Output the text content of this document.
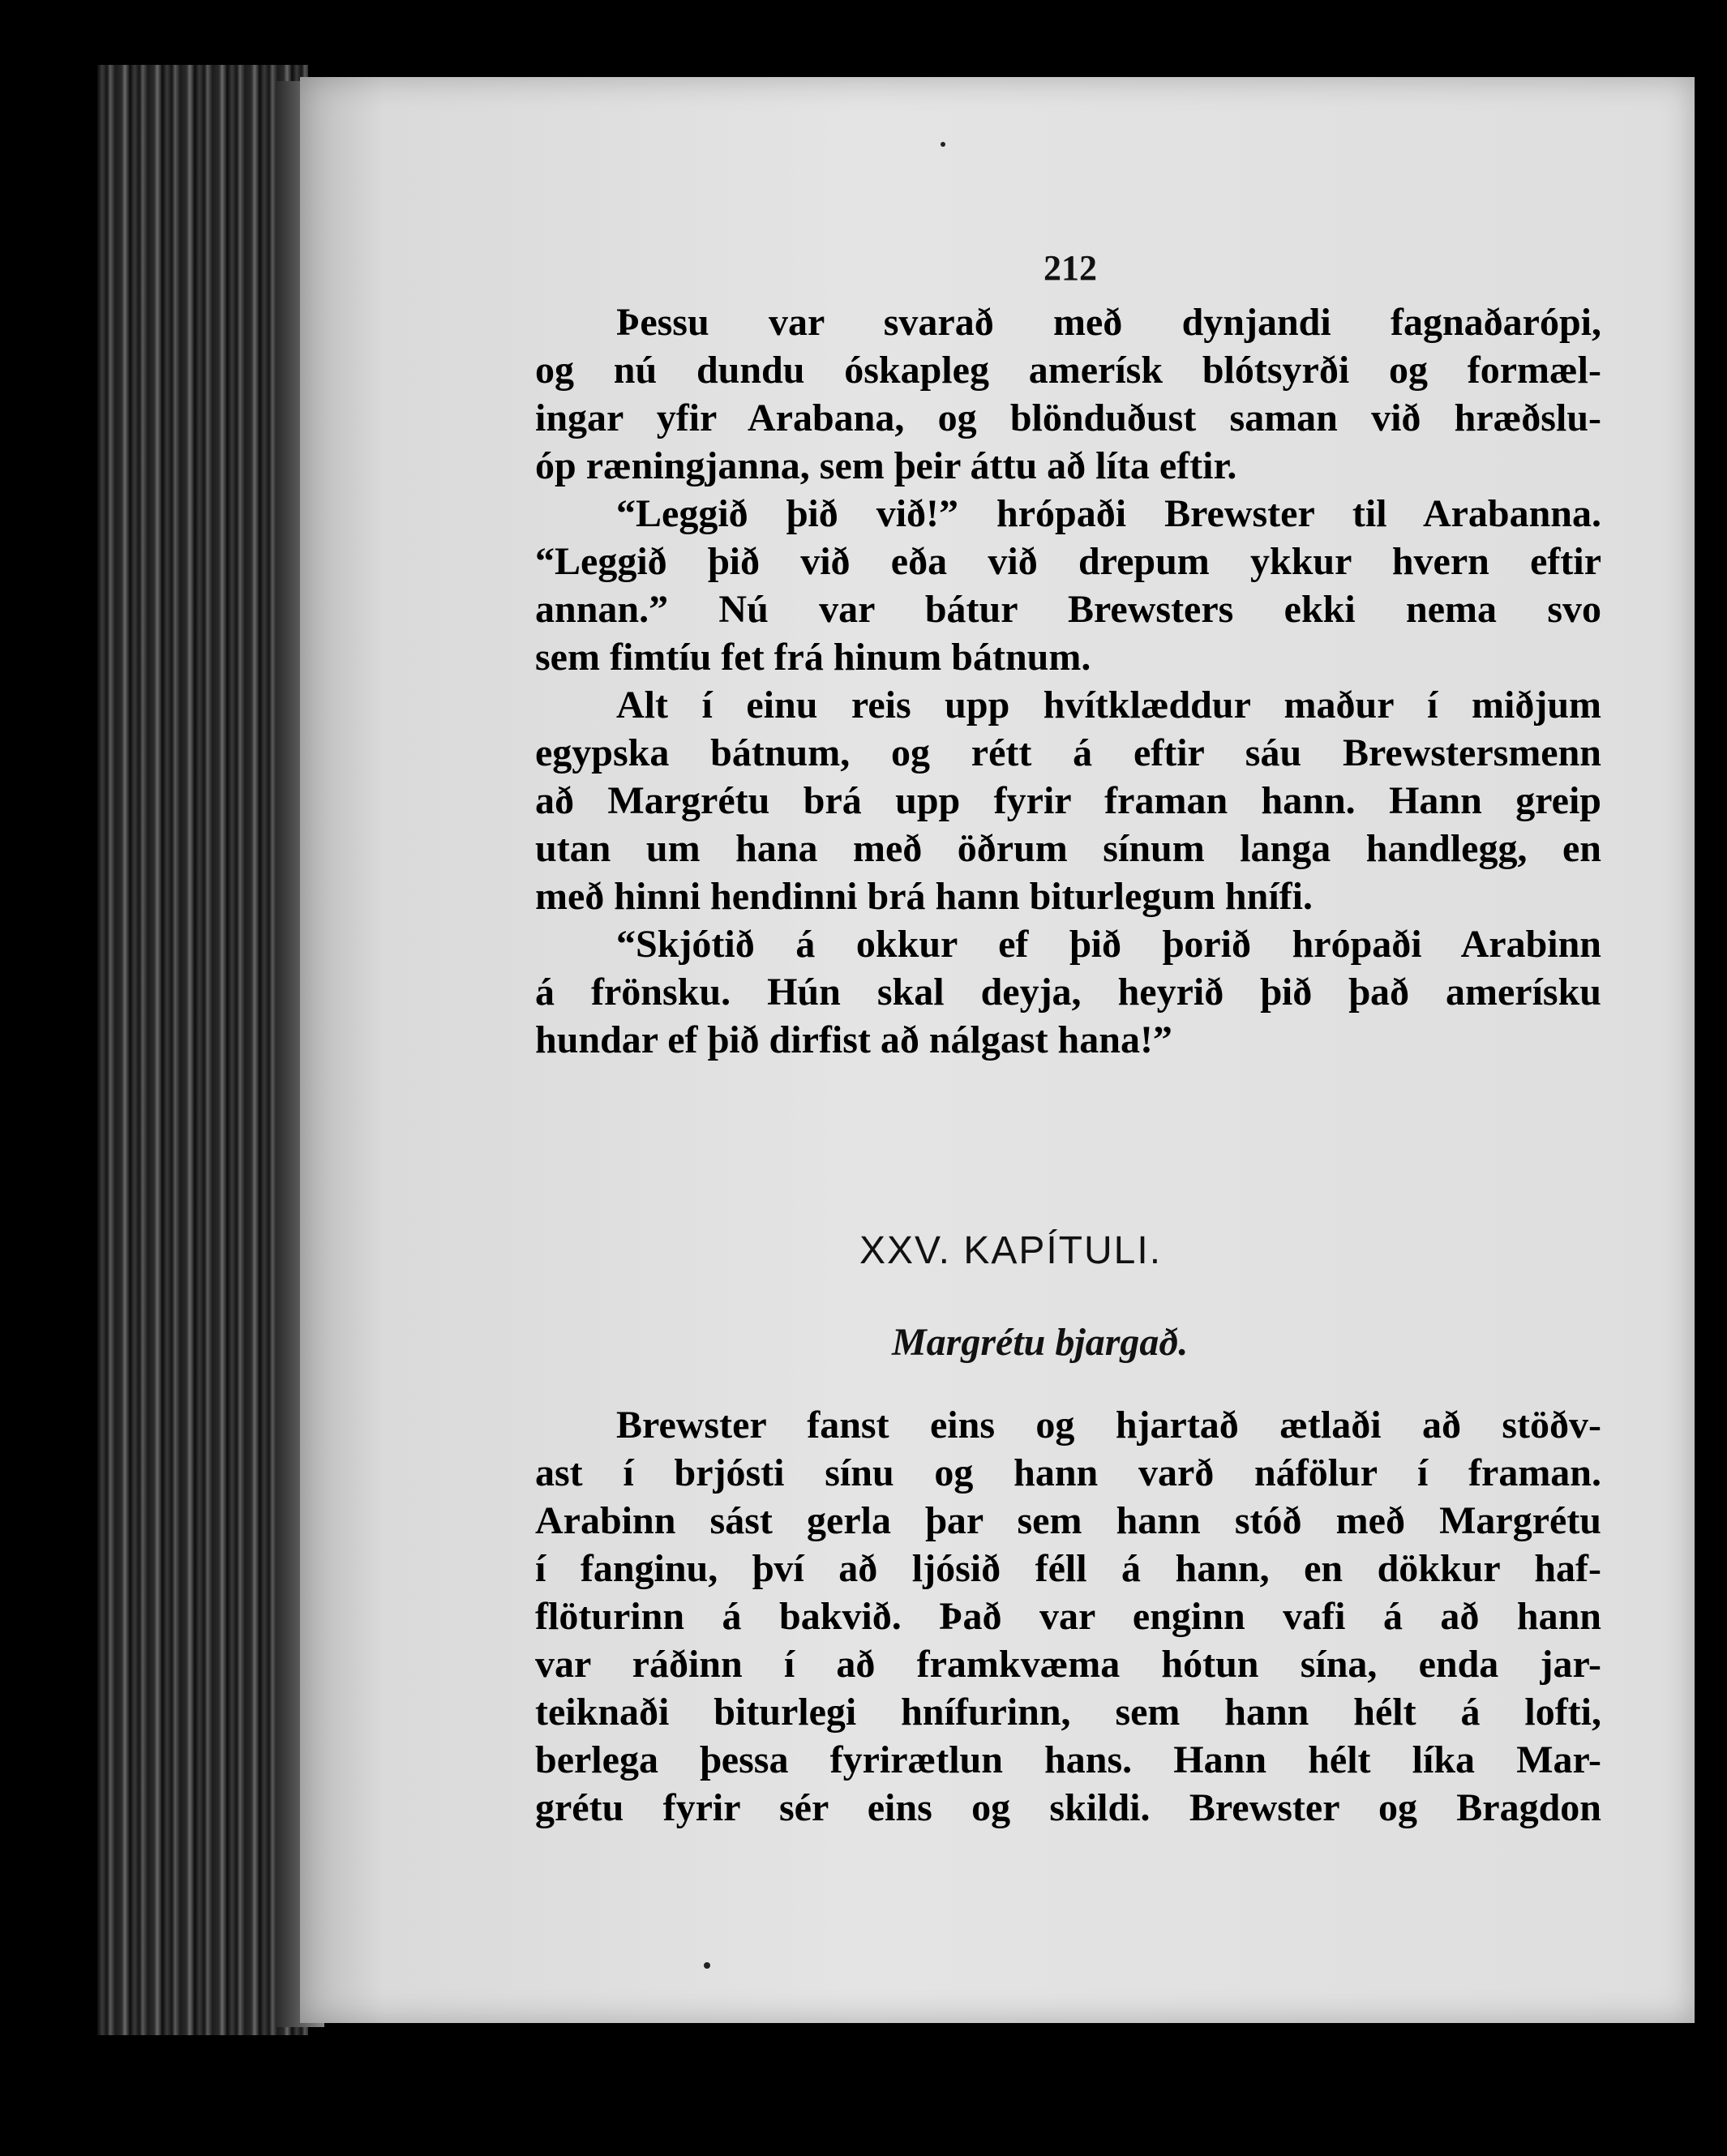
Þessu var svarað með dynjandi fagnaðarópi,
og nú dundu óskapleg amerísk blótsyrði og formæl-
ingar yfir Arabana, og blönduðust saman við hræðslu-
óp ræningjanna, sem þeir áttu að líta eftir.
“Leggið þið við!” hrópaði Brewster til Arabanna.
“Leggið þið við eða við drepum ykkur hvern eftir
annan.” Nú var bátur Brewsters ekki nema svo
sem fimtíu fet frá hinum bátnum.
Alt í einu reis upp hvítklæddur maður í miðjum
egypska bátnum, og rétt á eftir sáu Brewstersmenn
að Margrétu brá upp fyrir framan hann. Hann greip
utan um hana með öðrum sínum langa handlegg, en
með hinni hendinni brá hann biturlegum hnífi.
“Skjótið á okkur ef þið þorið hrópaði Arabinn
á frönsku. Hún skal deyja, heyrið þið það amerísku
hundar ef þið dirfist að nálgast hana!”
XXV. KAPÍTULI.
Margrétu bjargað.
Brewster fanst eins og hjartað ætlaði að stöðv-
ast í brjósti sínu og hann varð náfölur í framan.
Arabinn sást gerla þar sem hann stóð með Margrétu
í fanginu, því að ljósið féll á hann, en dökkur haf-
flöturinn á bakvið. Það var enginn vafi á að hann
var ráðinn í að framkvæma hótun sína, enda jar-
teiknaði biturlegi hnífurinn, sem hann hélt á lofti,
berlega þessa fyrirætlun hans. Hann hélt líka Mar-
grétu fyrir sér eins og skildi. Brewster og Bragdon
212
